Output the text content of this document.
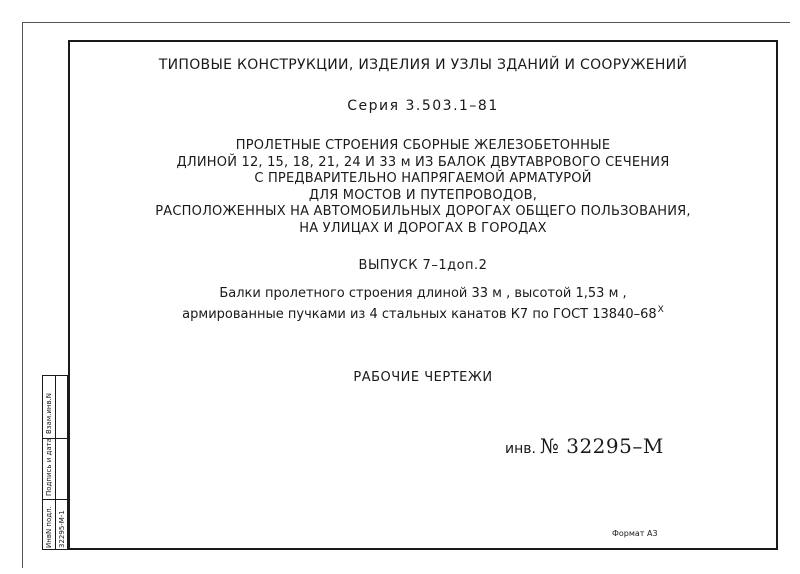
ТИПОВЫЕ КОНСТРУКЦИИ, ИЗДЕЛИЯ И УЗЛЫ ЗДАНИЙ И СООРУЖЕНИЙ
Серия 3.503.1–81
ПРОЛЕТНЫЕ СТРОЕНИЯ СБОРНЫЕ ЖЕЛЕЗОБЕТОННЫЕ
ДЛИНОЙ 12, 15, 18, 21, 24 И 33 м ИЗ БАЛОК ДВУТАВРОВОГО СЕЧЕНИЯ
С ПРЕДВАРИТЕЛЬНО НАПРЯГАЕМОЙ АРМАТУРОЙ
ДЛЯ МОСТОВ И ПУТЕПРОВОДОВ,
РАСПОЛОЖЕННЫХ НА АВТОМОБИЛЬНЫХ ДОРОГАХ ОБЩЕГО ПОЛЬЗОВАНИЯ,
НА УЛИЦАХ И ДОРОГАХ В ГОРОДАХ
ВЫПУСК 7–1доп.2
Балки пролетного строения длиной 33 м , высотой 1,53 м ,
армированные пучками из 4 стальных канатов К7 по ГОСТ $13840-68^Х$
РАБОЧИЕ ЧЕРТЕЖИ
инв. № 32295–М
Формат А3
ИнвN подл.
Подпись и дата
Взам.инв.N
32295-М-1
